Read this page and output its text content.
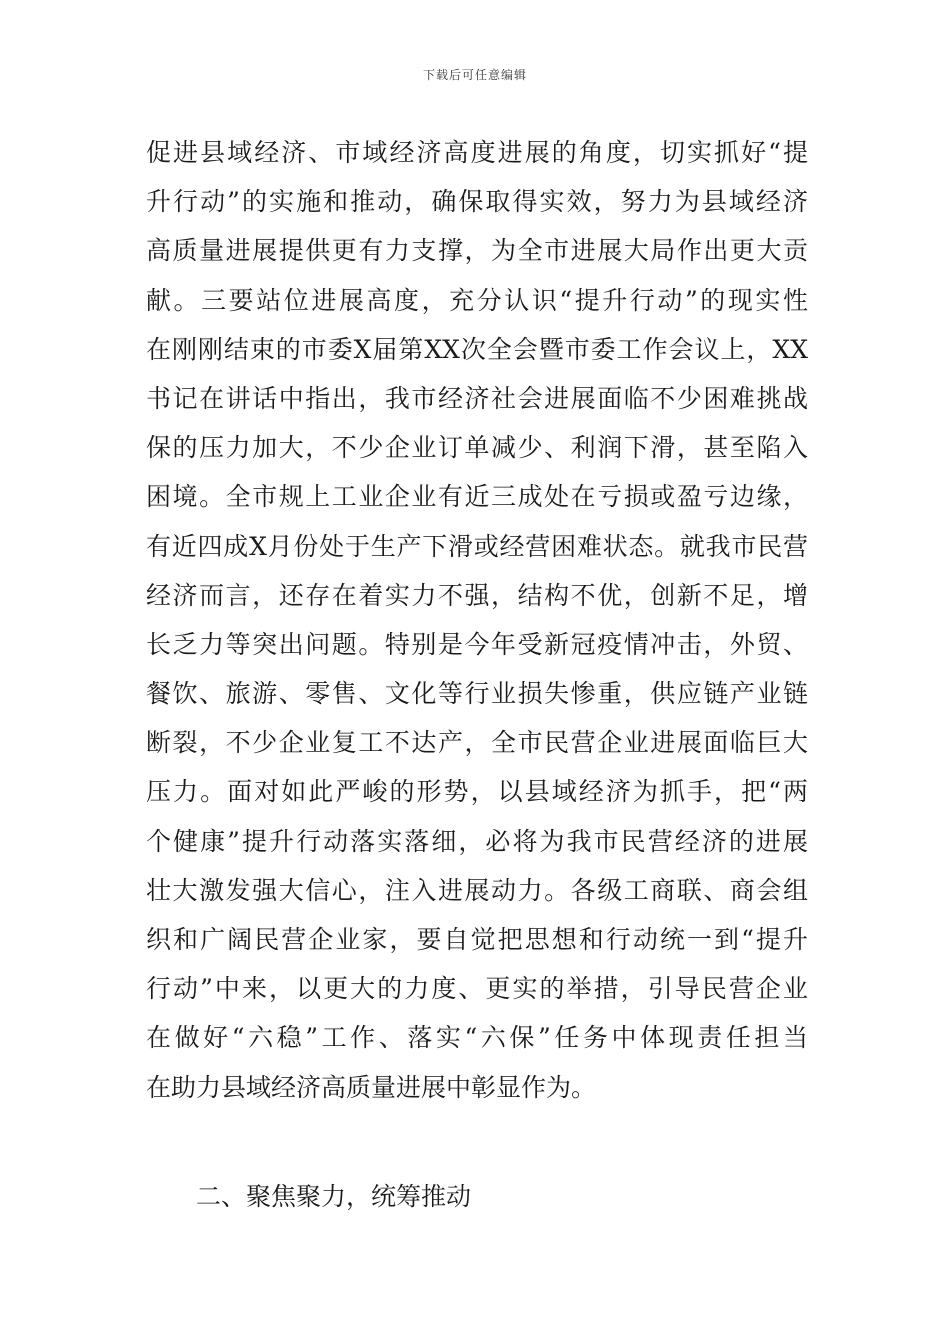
下载后可任意编辑
促进县域经济、市域经济高度进展的角度，切实抓好“提
升行动”的实施和推动，确保取得实效，努力为县域经济
高质量进展提供更有力支撑，为全市进展大局作出更大贡
献。三要站位进展高度，充分认识“提升行动”的现实性
在刚刚结束的市委X届第XX次全会暨市委工作会议上，XX
书记在讲话中指出，我市经济社会进展面临不少困难挑战
保的压力加大，不少企业订单减少、利润下滑，甚至陷入
困境。全市规上工业企业有近三成处在亏损或盈亏边缘，
有近四成X月份处于生产下滑或经营困难状态。就我市民营
经济而言，还存在着实力不强，结构不优，创新不足，增
长乏力等突出问题。特别是今年受新冠疫情冲击，外贸、
餐饮、旅游、零售、文化等行业损失惨重，供应链产业链
断裂，不少企业复工不达产，全市民营企业进展面临巨大
压力。面对如此严峻的形势，以县域经济为抓手，把“两
个健康”提升行动落实落细，必将为我市民营经济的进展
壮大激发强大信心，注入进展动力。各级工商联、商会组
织和广阔民营企业家，要自觉把思想和行动统一到“提升
行动”中来，以更大的力度、更实的举措，引导民营企业
在做好“六稳”工作、落实“六保”任务中体现责任担当
在助力县域经济高质量进展中彰显作为。
二、聚焦聚力，统筹推动
